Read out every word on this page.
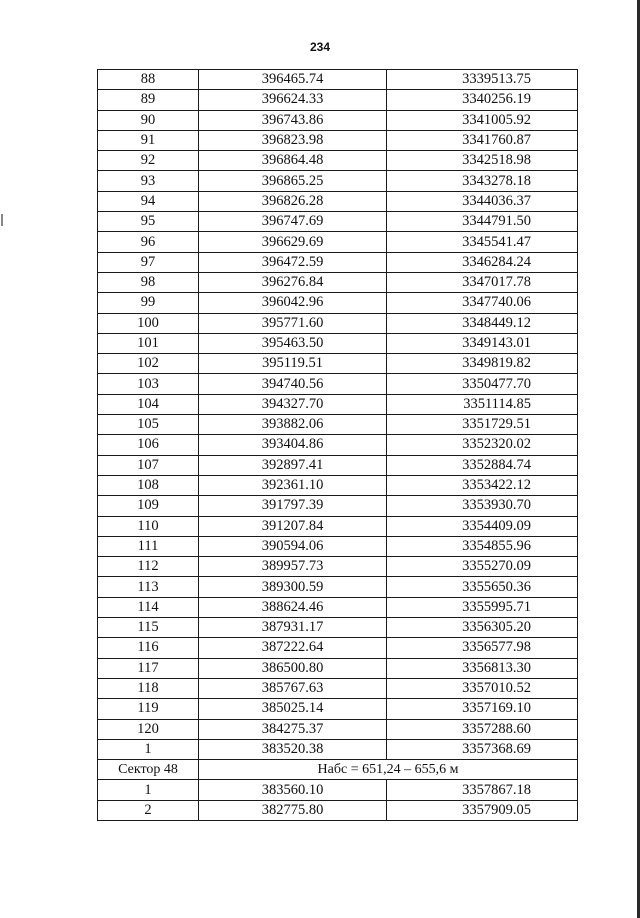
234
88	396465.74	3339513.75
89	396624.33	3340256.19
90	396743.86	3341005.92
91	396823.98	3341760.87
92	396864.48	3342518.98
93	396865.25	3343278.18
94	396826.28	3344036.37
95	396747.69	3344791.50
96	396629.69	3345541.47
97	396472.59	3346284.24
98	396276.84	3347017.78
99	396042.96	3347740.06
100	395771.60	3348449.12
101	395463.50	3349143.01
102	395119.51	3349819.82
103	394740.56	3350477.70
104	394327.70	3351114.85
105	393882.06	3351729.51
106	393404.86	3352320.02
107	392897.41	3352884.74
108	392361.10	3353422.12
109	391797.39	3353930.70
110	391207.84	3354409.09
111	390594.06	3354855.96
112	389957.73	3355270.09
113	389300.59	3355650.36
114	388624.46	3355995.71
115	387931.17	3356305.20
116	387222.64	3356577.98
117	386500.80	3356813.30
118	385767.63	3357010.52
119	385025.14	3357169.10
120	384275.37	3357288.60
1	383520.38	3357368.69
Сектор 48	Набс = 651,24 – 655,6 м	
1	383560.10	3357867.18
2	382775.80	3357909.05
